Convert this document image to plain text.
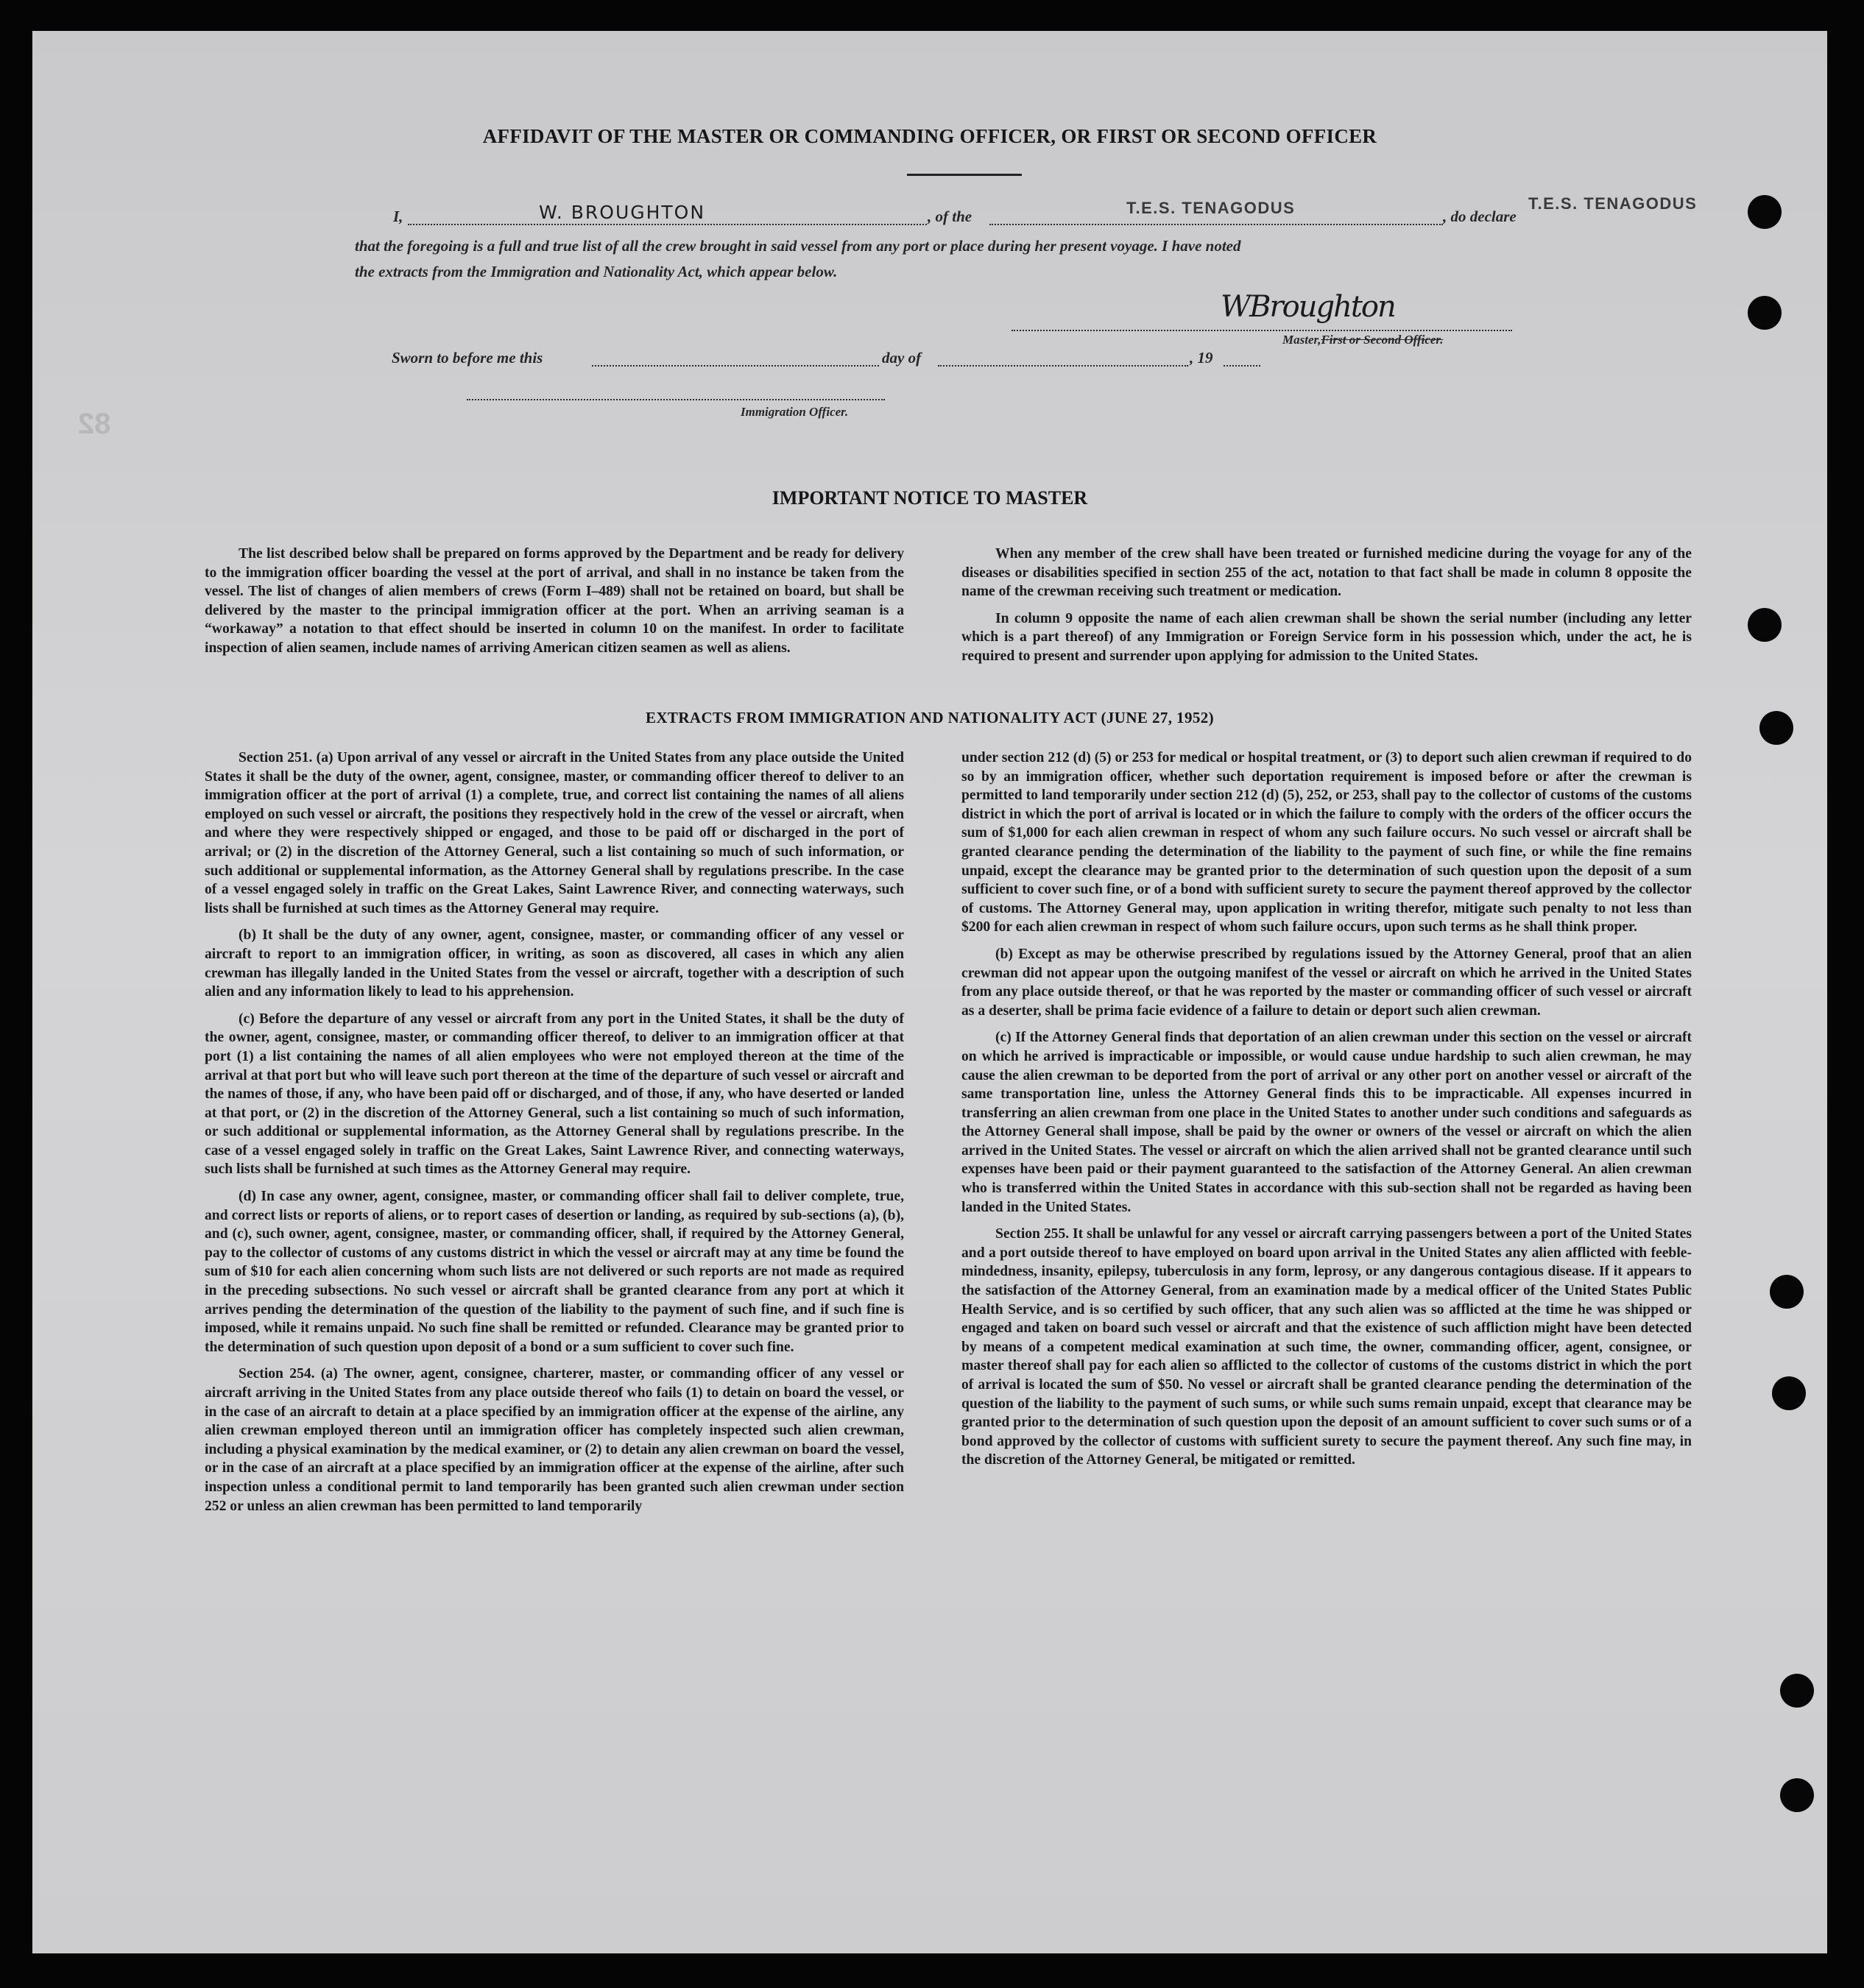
82
AFFIDAVIT OF THE MASTER OR COMMANDING OFFICER, OR FIRST OR SECOND OFFICER
I,	W. BROUGHTON	, of the	T.E.S. TENAGODUS	, do declare
T.E.S. TENAGODUS
that the foregoing is a full and true list of all the crew brought in said vessel from any port or place during her present voyage. I have noted
the extracts from the Immigration and Nationality Act, which appear below.
WBroughton
Master,First or Second Officer.
Sworn to before me this	day of	, 19
Immigration Officer.
IMPORTANT NOTICE TO MASTER

The list described below shall be prepared on forms approved by the Department and be ready for delivery to the immigration officer boarding the vessel at the port of arrival, and shall in no instance be taken from the vessel. The list of changes of alien members of crews (Form I–489) shall not be retained on board, but shall be delivered by the master to the principal immigration officer at the port. When an arriving seaman is a “workaway” a notation to that effect should be inserted in column 10 on the manifest. In order to facilitate inspection of alien seamen, include names of arriving American citizen seamen as well as aliens.

When any member of the crew shall have been treated or furnished medicine during the voyage for any of the diseases or disabilities specified in section 255 of the act, notation to that fact shall be made in column 8 opposite the name of the crewman receiving such treatment or medication.

In column 9 opposite the name of each alien crewman shall be shown the serial number (including any letter which is a part thereof) of any Immigration or Foreign Service form in his possession which, under the act, he is required to present and surrender upon applying for admission to the United States.

EXTRACTS FROM IMMIGRATION AND NATIONALITY ACT (JUNE 27, 1952)

Section 251. (a) Upon arrival of any vessel or aircraft in the United States from any place outside the United States it shall be the duty of the owner, agent, consignee, master, or commanding officer thereof to deliver to an immigration officer at the port of arrival (1) a complete, true, and correct list containing the names of all aliens employed on such vessel or aircraft, the positions they respectively hold in the crew of the vessel or aircraft, when and where they were respectively shipped or engaged, and those to be paid off or discharged in the port of arrival; or (2) in the discretion of the Attorney General, such a list containing so much of such information, or such additional or supplemental information, as the Attorney General shall by regulations prescribe. In the case of a vessel engaged solely in traffic on the Great Lakes, Saint Lawrence River, and connecting waterways, such lists shall be furnished at such times as the Attorney General may require.

(b) It shall be the duty of any owner, agent, consignee, master, or commanding officer of any vessel or aircraft to report to an immigration officer, in writing, as soon as discovered, all cases in which any alien crewman has illegally landed in the United States from the vessel or aircraft, together with a description of such alien and any information likely to lead to his apprehension.

(c) Before the departure of any vessel or aircraft from any port in the United States, it shall be the duty of the owner, agent, consignee, master, or commanding officer thereof, to deliver to an immigration officer at that port (1) a list containing the names of all alien employees who were not employed thereon at the time of the arrival at that port but who will leave such port thereon at the time of the departure of such vessel or aircraft and the names of those, if any, who have been paid off or discharged, and of those, if any, who have deserted or landed at that port, or (2) in the discretion of the Attorney General, such a list containing so much of such information, or such additional or supplemental information, as the Attorney General shall by regulations prescribe. In the case of a vessel engaged solely in traffic on the Great Lakes, Saint Lawrence River, and connecting waterways, such lists shall be furnished at such times as the Attorney General may require.

(d) In case any owner, agent, consignee, master, or commanding officer shall fail to deliver complete, true, and correct lists or reports of aliens, or to report cases of desertion or landing, as required by sub-sections (a), (b), and (c), such owner, agent, consignee, master, or commanding officer, shall, if required by the Attorney General, pay to the collector of customs of any customs district in which the vessel or aircraft may at any time be found the sum of $10 for each alien concerning whom such lists are not delivered or such reports are not made as required in the preceding subsections. No such vessel or aircraft shall be granted clearance from any port at which it arrives pending the determination of the question of the liability to the payment of such fine, and if such fine is imposed, while it remains unpaid. No such fine shall be remitted or refunded. Clearance may be granted prior to the determination of such question upon deposit of a bond or a sum sufficient to cover such fine.

Section 254. (a) The owner, agent, consignee, charterer, master, or commanding officer of any vessel or aircraft arriving in the United States from any place outside thereof who fails (1) to detain on board the vessel, or in the case of an aircraft to detain at a place specified by an immigration officer at the expense of the airline, any alien crewman employed thereon until an immigration officer has completely inspected such alien crewman, including a physical examination by the medical examiner, or (2) to detain any alien crewman on board the vessel, or in the case of an aircraft at a place specified by an immigration officer at the expense of the airline, after such inspection unless a conditional permit to land temporarily has been granted such alien crewman under section 252 or unless an alien crewman has been permitted to land temporarily

under section 212 (d) (5) or 253 for medical or hospital treatment, or (3) to deport such alien crewman if required to do so by an immigration officer, whether such deportation requirement is imposed before or after the crewman is permitted to land temporarily under section 212 (d) (5), 252, or 253, shall pay to the collector of customs of the customs district in which the port of arrival is located or in which the failure to comply with the orders of the officer occurs the sum of $1,000 for each alien crewman in respect of whom any such failure occurs. No such vessel or aircraft shall be granted clearance pending the determination of the liability to the payment of such fine, or while the fine remains unpaid, except the clearance may be granted prior to the determination of such question upon the deposit of a sum sufficient to cover such fine, or of a bond with sufficient surety to secure the payment thereof approved by the collector of customs. The Attorney General may, upon application in writing therefor, mitigate such penalty to not less than $200 for each alien crewman in respect of whom such failure occurs, upon such terms as he shall think proper.

(b) Except as may be otherwise prescribed by regulations issued by the Attorney General, proof that an alien crewman did not appear upon the outgoing manifest of the vessel or aircraft on which he arrived in the United States from any place outside thereof, or that he was reported by the master or commanding officer of such vessel or aircraft as a deserter, shall be prima facie evidence of a failure to detain or deport such alien crewman.

(c) If the Attorney General finds that deportation of an alien crewman under this section on the vessel or aircraft on which he arrived is impracticable or impossible, or would cause undue hardship to such alien crewman, he may cause the alien crewman to be deported from the port of arrival or any other port on another vessel or aircraft of the same transportation line, unless the Attorney General finds this to be impracticable. All expenses incurred in transferring an alien crewman from one place in the United States to another under such conditions and safeguards as the Attorney General shall impose, shall be paid by the owner or owners of the vessel or aircraft on which the alien arrived in the United States. The vessel or aircraft on which the alien arrived shall not be granted clearance until such expenses have been paid or their payment guaranteed to the satisfaction of the Attorney General. An alien crewman who is transferred within the United States in accordance with this sub-section shall not be regarded as having been landed in the United States.

Section 255. It shall be unlawful for any vessel or aircraft carrying passengers between a port of the United States and a port outside thereof to have employed on board upon arrival in the United States any alien afflicted with feeble-mindedness, insanity, epilepsy, tuberculosis in any form, leprosy, or any dangerous contagious disease. If it appears to the satisfaction of the Attorney General, from an examination made by a medical officer of the United States Public Health Service, and is so certified by such officer, that any such alien was so afflicted at the time he was shipped or engaged and taken on board such vessel or aircraft and that the existence of such affliction might have been detected by means of a competent medical examination at such time, the owner, commanding officer, agent, consignee, or master thereof shall pay for each alien so afflicted to the collector of customs of the customs district in which the port of arrival is located the sum of $50. No vessel or aircraft shall be granted clearance pending the determination of the question of the liability to the payment of such sums, or while such sums remain unpaid, except that clearance may be granted prior to the determination of such question upon the deposit of an amount sufficient to cover such sums or of a bond approved by the collector of customs with sufficient surety to secure the payment thereof. Any such fine may, in the discretion of the Attorney General, be mitigated or remitted.
